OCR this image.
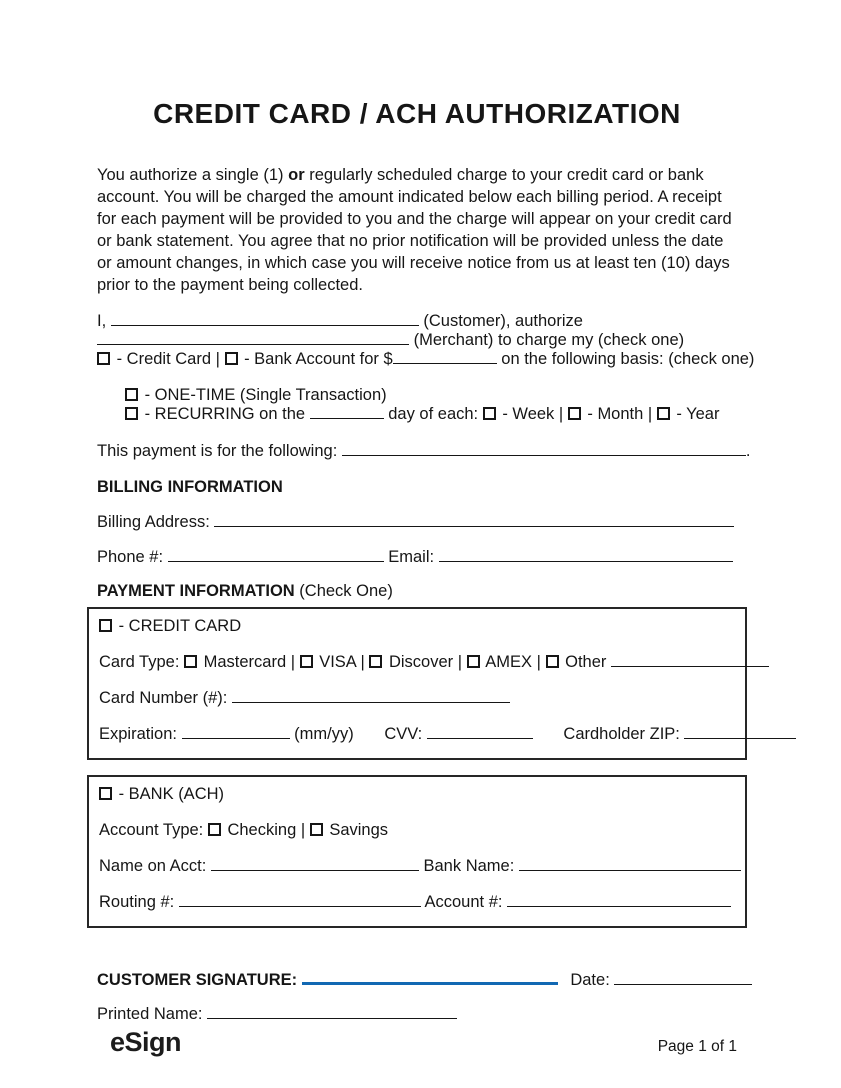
CREDIT CARD / ACH AUTHORIZATION

You authorize a single (1) or regularly scheduled charge to your credit card or bank account. You will be charged the amount indicated below each billing period. A receipt for each payment will be provided to you and the charge will appear on your credit card or bank statement. You agree that no prior notification will be provided unless the date or amount changes, in which case you will receive notice from us at least ten (10) days prior to the payment being collected.

I,	(Customer), authorize
(Merchant) to charge my (check one)
- Credit Card | - Bank Account for $	on the following basis: (check one)
- ONE-TIME (Single Transaction)
- RECURRING on the	day of each: - Week | - Month | - Year
This payment is for the following:	.
BILLING INFORMATION
Billing Address:
Phone #:	Email:
PAYMENT INFORMATION (Check One)
- CREDIT CARD
Card Type: Mastercard | VISA | Discover | AMEX | Other
Card Number (#):
Expiration:	(mm/yy) CVV:	Cardholder ZIP:
- BANK (ACH)
Account Type: Checking | Savings
Name on Acct:	Bank Name:
Routing #:	Account #:
CUSTOMER SIGNATURE:	Date:
Printed Name:
eSign	Page 1 of 1
